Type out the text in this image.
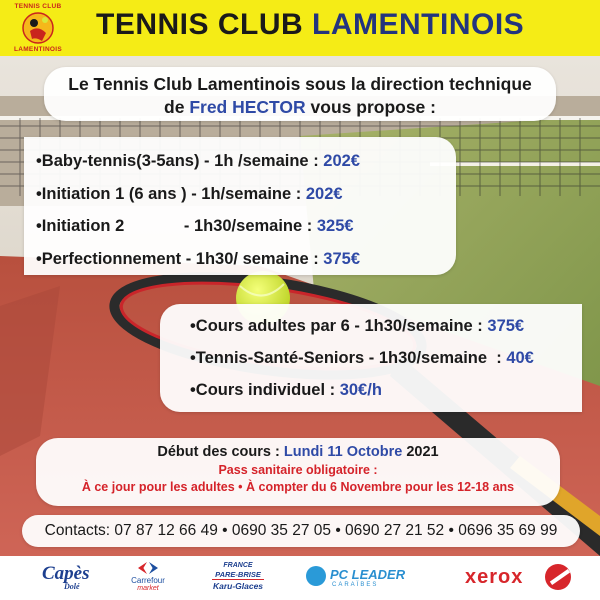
TENNIS CLUB
LAMENTINOIS
TENNIS CLUB LAMENTINOIS
Le Tennis Club Lamentinois sous la direction technique
de Fred HECTOR vous propose :
•Baby-tennis(3-5ans) - 1h /semaine : 202€
•Initiation 1 (6 ans ) - 1h/semaine : 202€
•Initiation 2             - 1h30/semaine : 325€
•Perfectionnement - 1h30/ semaine : 375€
•Cours adultes par 6 - 1h30/semaine : 375€
•Tennis-Santé-Seniors - 1h30/semaine  : 40€
•Cours individuel : 30€/h
Début des cours : Lundi 11 Octobre 2021
Pass sanitaire obligatoire :
À ce jour pour les adultes • À compter du 6 Novembre pour les 12-18 ans
Contacts: 07 87 12 66 49 • 0690 35 27 05 • 0690 27 21 52 • 0696 35 69 99
Capès
Dolé
Carrefour
market
FRANCE
PARE-BRISE
Karu-Glaces
PC LEADER
CARAÏBES	xerox
